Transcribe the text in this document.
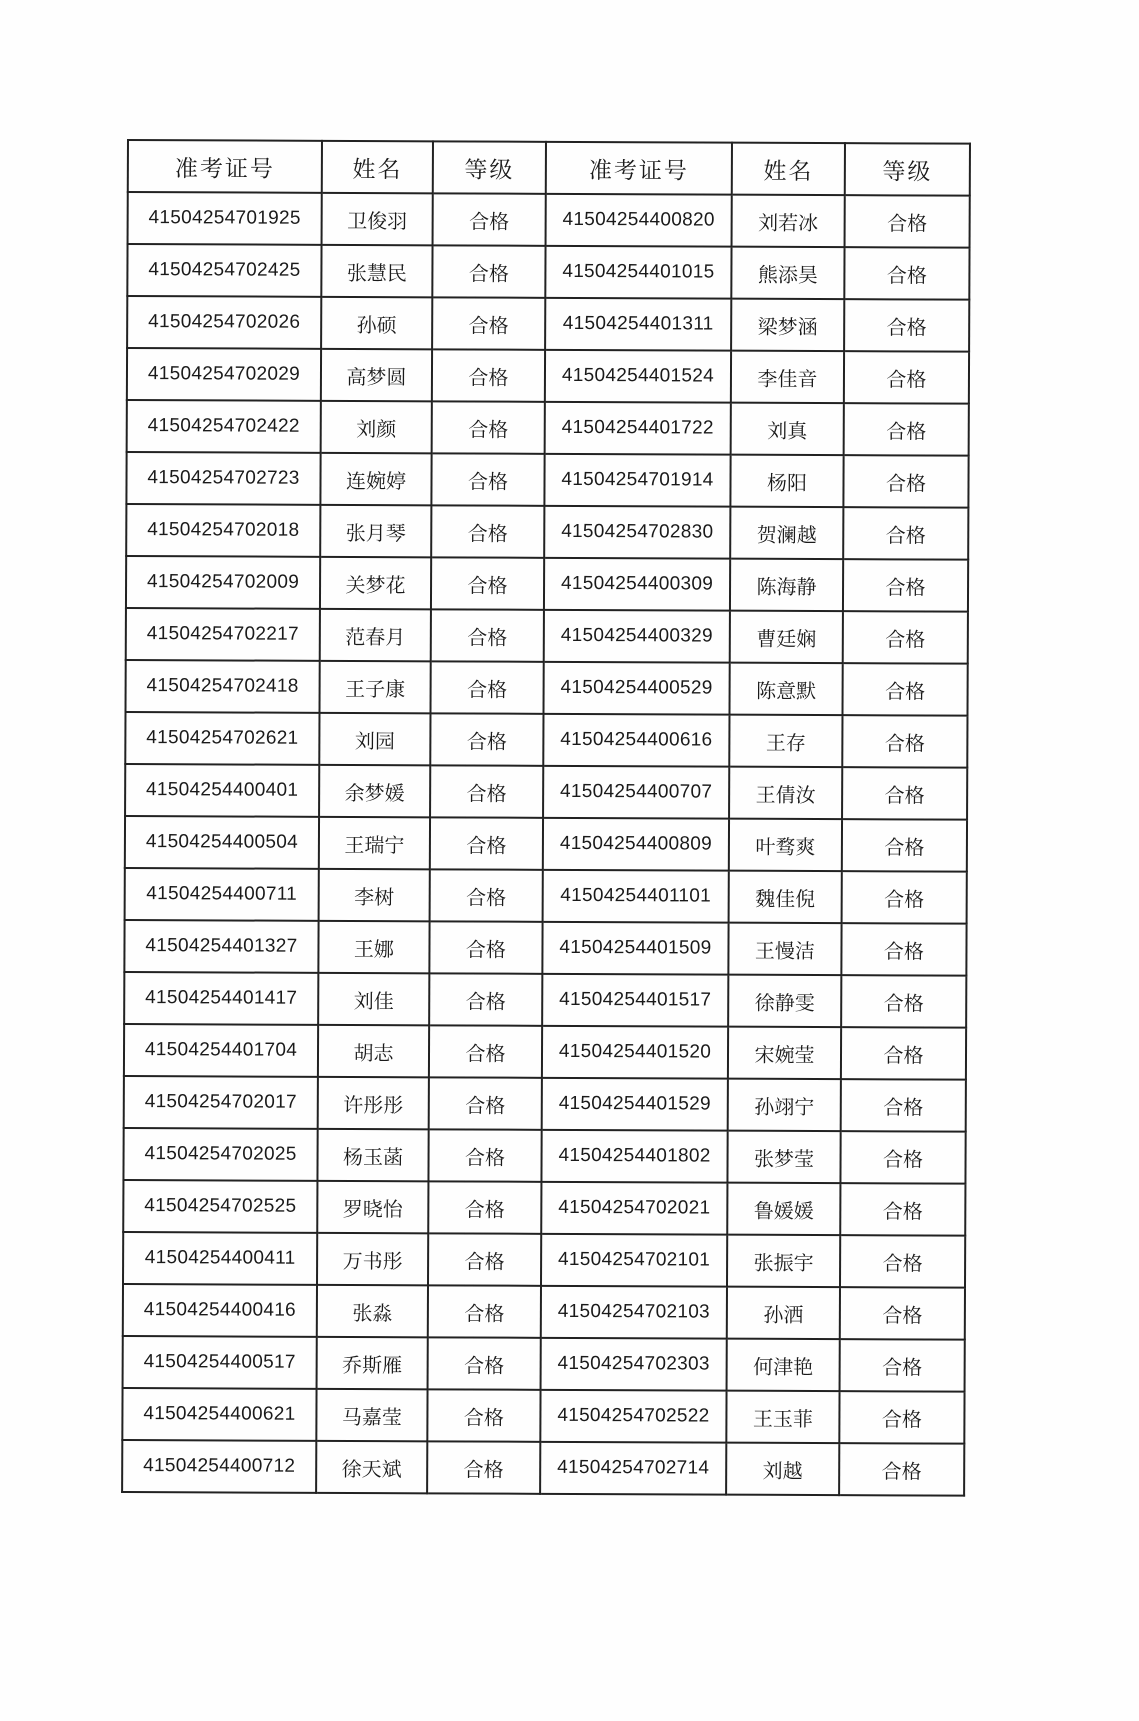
准考证号	姓名	等级	准考证号	姓名	等级
41504254701925	卫俊羽	合格	41504254400820	刘若冰	合格
41504254702425	张慧民	合格	41504254401015	熊添昊	合格
41504254702026	孙硕	合格	41504254401311	梁梦涵	合格
41504254702029	高梦圆	合格	41504254401524	李佳音	合格
41504254702422	刘颜	合格	41504254401722	刘真	合格
41504254702723	连婉婷	合格	41504254701914	杨阳	合格
41504254702018	张月琴	合格	41504254702830	贺澜越	合格
41504254702009	关梦花	合格	41504254400309	陈海静	合格
41504254702217	范春月	合格	41504254400329	曹廷娴	合格
41504254702418	王子康	合格	41504254400529	陈意默	合格
41504254702621	刘园	合格	41504254400616	王存	合格
41504254400401	余梦媛	合格	41504254400707	王倩汝	合格
41504254400504	王瑞宁	合格	41504254400809	叶骛爽	合格
41504254400711	李树	合格	41504254401101	魏佳倪	合格
41504254401327	王娜	合格	41504254401509	王慢洁	合格
41504254401417	刘佳	合格	41504254401517	徐静雯	合格
41504254401704	胡志	合格	41504254401520	宋婉莹	合格
41504254702017	许彤彤	合格	41504254401529	孙翊宁	合格
41504254702025	杨玉菡	合格	41504254401802	张梦莹	合格
41504254702525	罗晓怡	合格	41504254702021	鲁媛媛	合格
41504254400411	万书彤	合格	41504254702101	张振宇	合格
41504254400416	张淼	合格	41504254702103	孙洒	合格
41504254400517	乔斯雁	合格	41504254702303	何津艳	合格
41504254400621	马嘉莹	合格	41504254702522	王玉菲	合格
41504254400712	徐天斌	合格	41504254702714	刘越	合格
